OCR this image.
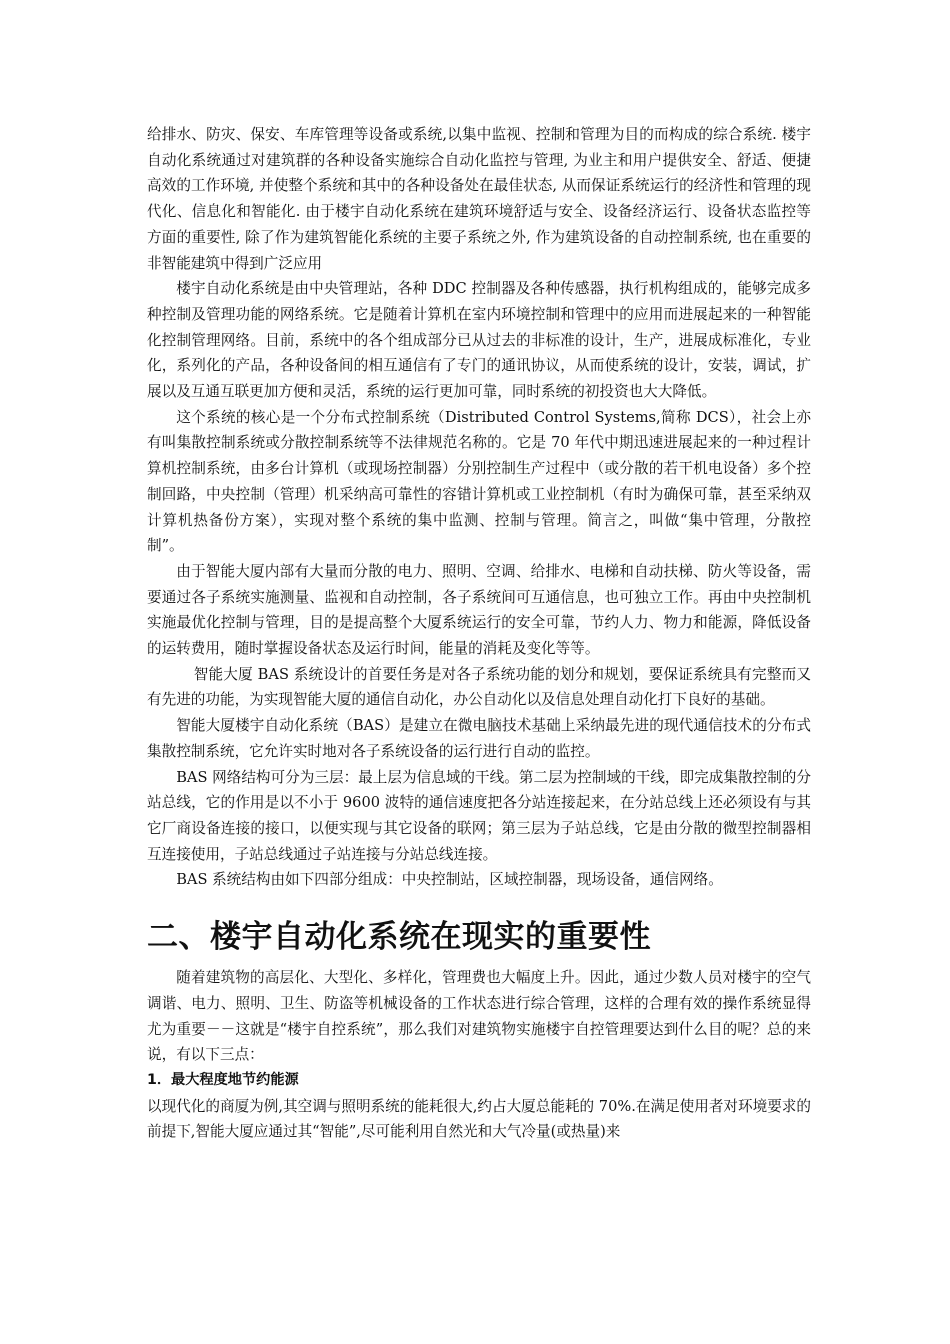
给排水、防灾、保安、车库管理等设备或系统,以集中监视、控制和管理为目的而构成的综合系统. 楼宇自动化系统通过对建筑群的各种设备实施综合自动化监控与管理, 为业主和用户提供安全、舒适、便捷高效的工作环境, 并使整个系统和其中的各种设备处在最佳状态, 从而保证系统运行的经济性和管理的现代化、信息化和智能化. 由于楼宇自动化系统在建筑环境舒适与安全、设备经济运行、设备状态监控等方面的重要性, 除了作为建筑智能化系统的主要子系统之外, 作为建筑设备的自动控制系统, 也在重要的非智能建筑中得到广泛应用

楼宇自动化系统是由中央管理站，各种 DDC 控制器及各种传感器，执行机构组成的，能够完成多种控制及管理功能的网络系统。它是随着计算机在室内环境控制和管理中的应用而进展起来的一种智能化控制管理网络。目前，系统中的各个组成部分已从过去的非标准的设计，生产，进展成标准化，专业化，系列化的产品，各种设备间的相互通信有了专门的通讯协议，从而使系统的设计，安装，调试，扩展以及互通互联更加方便和灵活，系统的运行更加可靠，同时系统的初投资也大大降低。

这个系统的核心是一个分布式控制系统（Distributed Control Systems,简称 DCS），社会上亦有叫集散控制系统或分散控制系统等不法律规范名称的。它是 70 年代中期迅速进展起来的一种过程计算机控制系统，由多台计算机（或现场控制器）分别控制生产过程中（或分散的若干机电设备）多个控制回路，中央控制（管理）机采纳高可靠性的容错计算机或工业控制机（有时为确保可靠，甚至采纳双计算机热备份方案），实现对整个系统的集中监测、控制与管理。简言之，叫做“集中管理，分散控制”。

由于智能大厦内部有大量而分散的电力、照明、空调、给排水、电梯和自动扶梯、防火等设备，需要通过各子系统实施测量、监视和自动控制，各子系统间可互通信息，也可独立工作。再由中央控制机实施最优化控制与管理，目的是提高整个大厦系统运行的安全可靠，节约人力、物力和能源，降低设备的运转费用，随时掌握设备状态及运行时间，能量的消耗及变化等等。

智能大厦 BAS 系统设计的首要任务是对各子系统功能的划分和规划，要保证系统具有完整而又有先进的功能，为实现智能大厦的通信自动化，办公自动化以及信息处理自动化打下良好的基础。

智能大厦楼宇自动化系统（BAS）是建立在微电脑技术基础上采纳最先进的现代通信技术的分布式集散控制系统，它允许实时地对各子系统设备的运行进行自动的监控。

BAS 网络结构可分为三层：最上层为信息域的干线。第二层为控制域的干线，即完成集散控制的分站总线，它的作用是以不小于 9600 波特的通信速度把各分站连接起来，在分站总线上还必须设有与其它厂商设备连接的接口，以便实现与其它设备的联网；第三层为子站总线，它是由分散的微型控制器相互连接使用，子站总线通过子站连接与分站总线连接。

BAS 系统结构由如下四部分组成：中央控制站，区域控制器，现场设备，通信网络。

二、楼宇自动化系统在现实的重要性

随着建筑物的高层化、大型化、多样化，管理费也大幅度上升。因此，通过少数人员对楼宇的空气调谐、电力、照明、卫生、防盗等机械设备的工作状态进行综合管理，这样的合理有效的操作系统显得尤为重要－－这就是“楼宇自控系统”，那么我们对建筑物实施楼宇自控管理要达到什么目的呢？总的来说，有以下三点：

1．最大程度地节约能源

以现代化的商厦为例,其空调与照明系统的能耗很大,约占大厦总能耗的 70%.在满足使用者对环境要求的前提下,智能大厦应通过其“智能”,尽可能利用自然光和大气冷量(或热量)来
